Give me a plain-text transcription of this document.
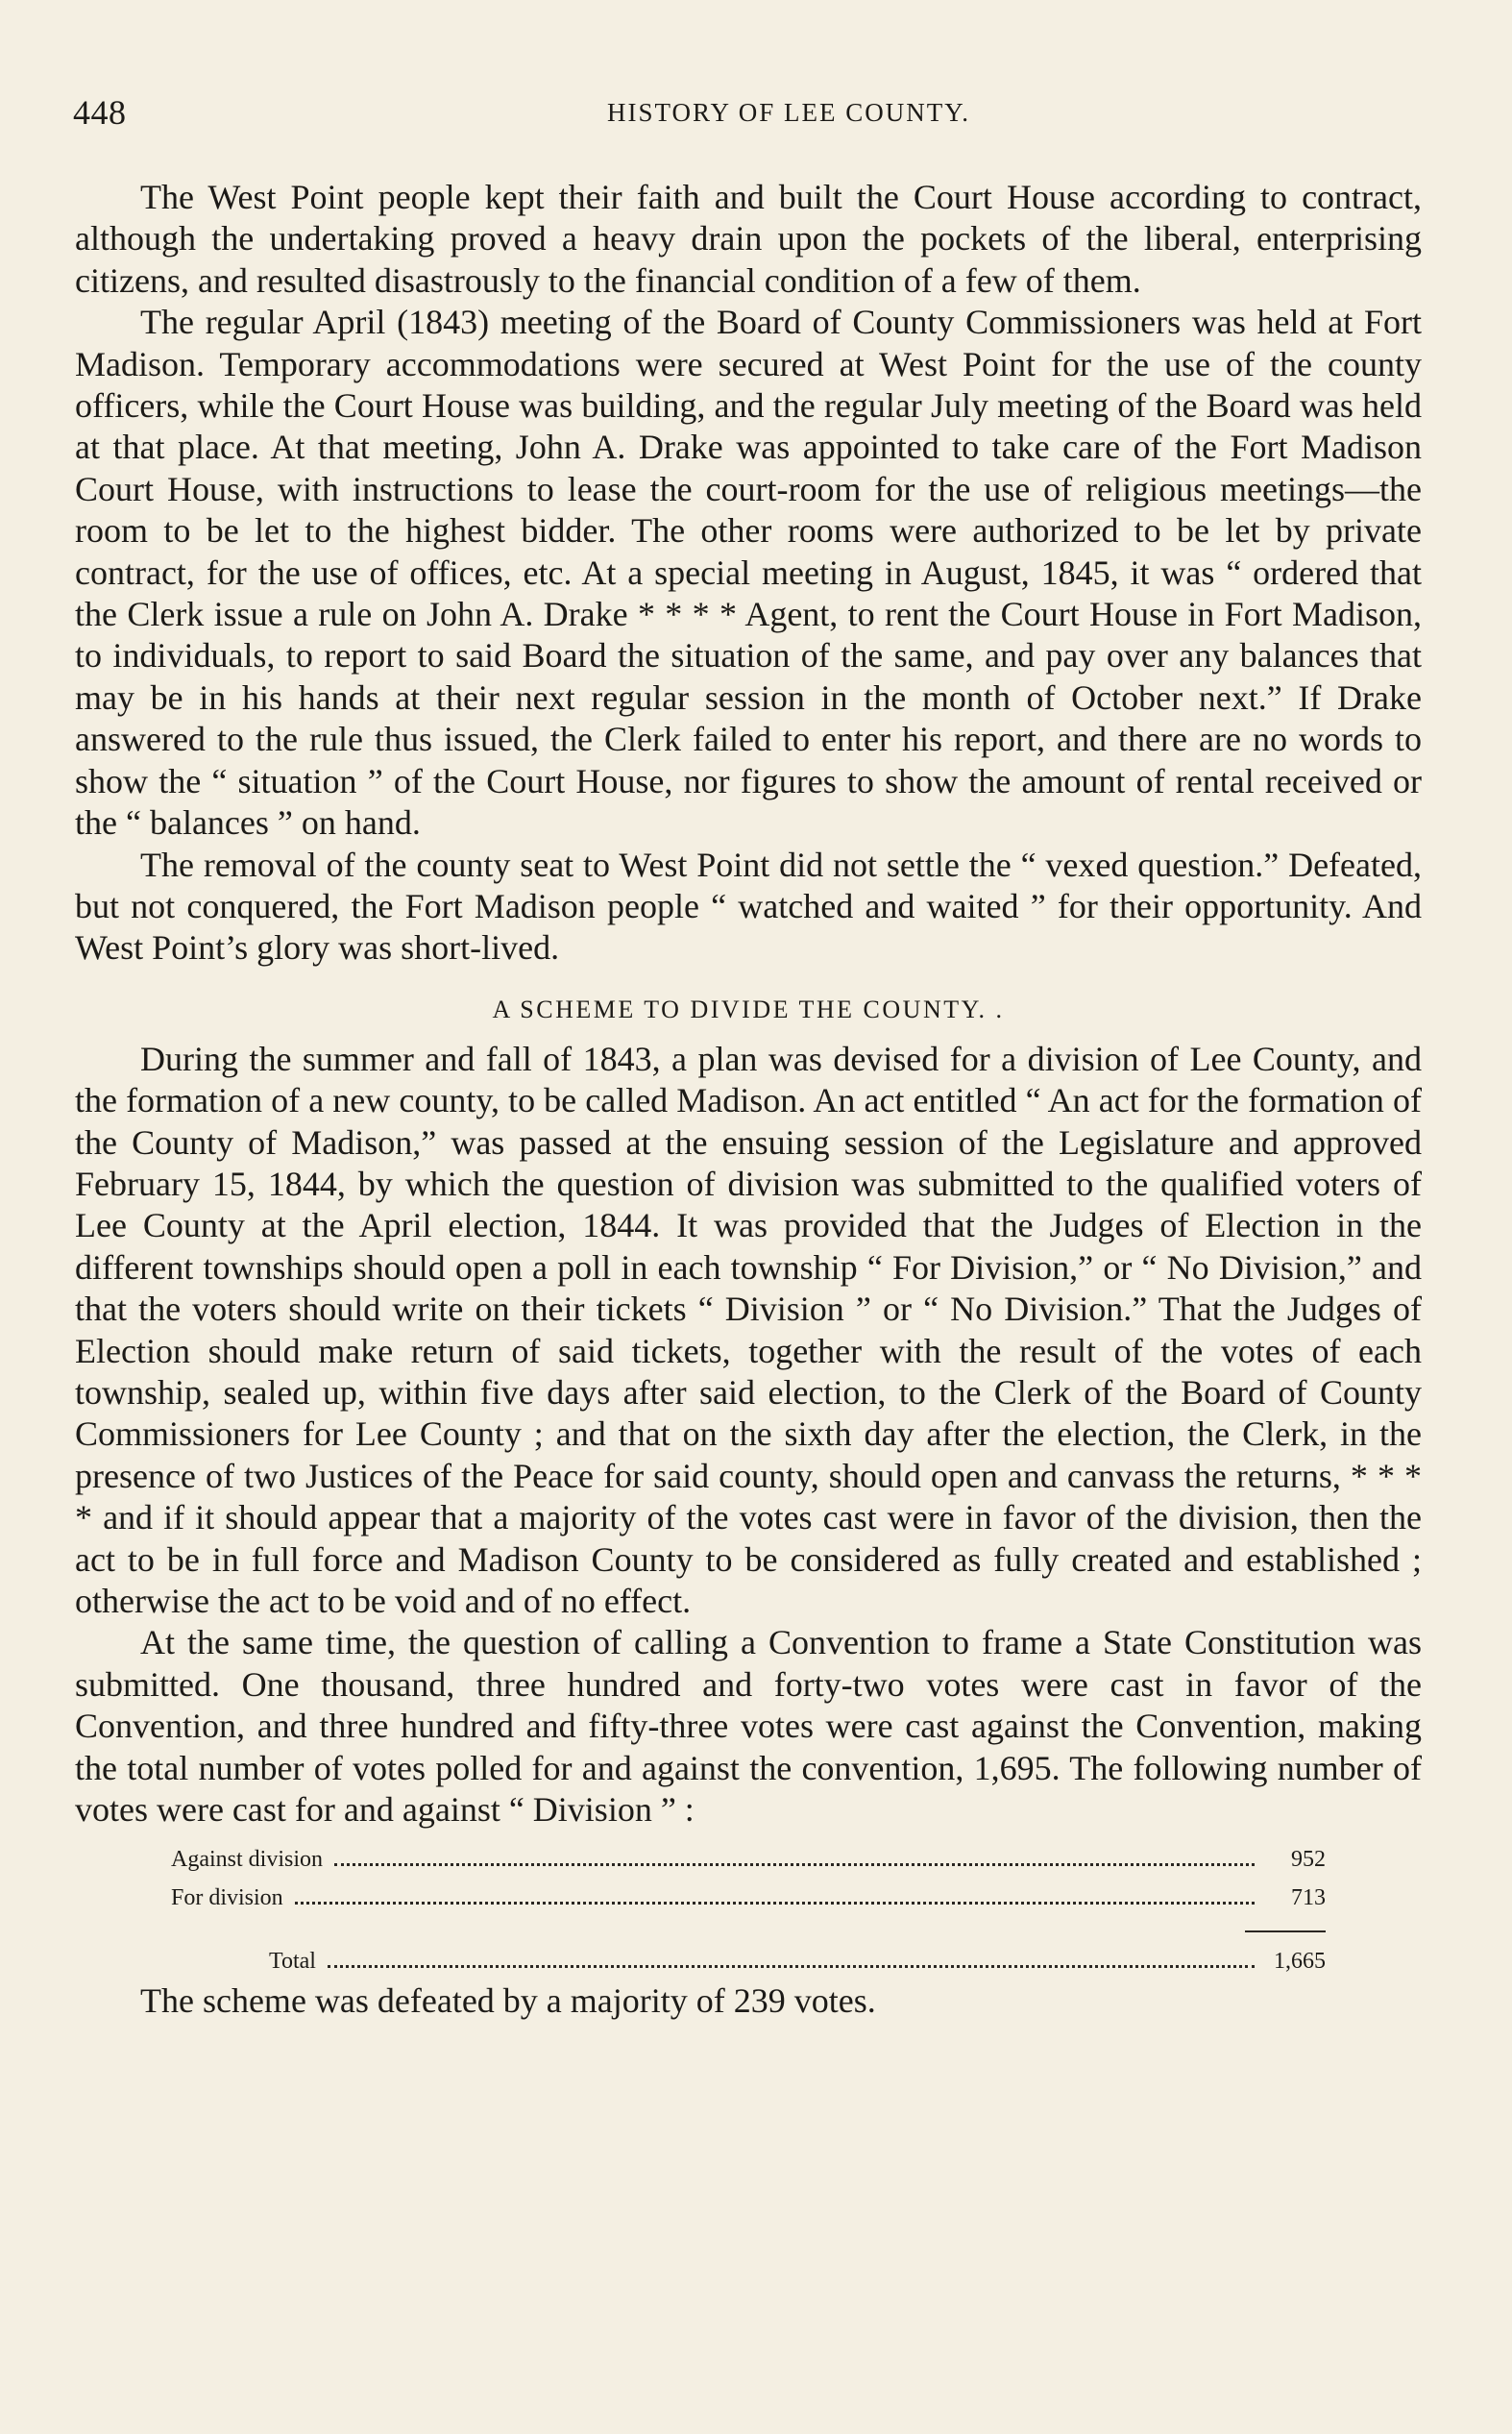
448	HISTORY OF LEE COUNTY.

The West Point people kept their faith and built the Court House according to contract, although the undertaking proved a heavy drain upon the pockets of the liberal, enterprising citizens, and resulted disastrously to the financial condition of a few of them.

The regular April (1843) meeting of the Board of County Commissioners was held at Fort Madison. Temporary accommodations were secured at West Point for the use of the county officers, while the Court House was building, and the regular July meeting of the Board was held at that place. At that meeting, John A. Drake was appointed to take care of the Fort Madison Court House, with instructions to lease the court-room for the use of religious meetings—the room to be let to the highest bidder. The other rooms were authorized to be let by private contract, for the use of offices, etc. At a special meeting in August, 1845, it was “ ordered that the Clerk issue a rule on John A. Drake * * * * Agent, to rent the Court House in Fort Madison, to individuals, to report to said Board the situation of the same, and pay over any balances that may be in his hands at their next regular session in the month of October next.” If Drake answered to the rule thus issued, the Clerk failed to enter his report, and there are no words to show the “ situation ” of the Court House, nor figures to show the amount of rental received or the “ balances ” on hand.

The removal of the county seat to West Point did not settle the “ vexed question.” Defeated, but not conquered, the Fort Madison people “ watched and waited ” for their opportunity. And West Point’s glory was short-lived.

A SCHEME TO DIVIDE THE COUNTY. .

During the summer and fall of 1843, a plan was devised for a division of Lee County, and the formation of a new county, to be called Madison. An act entitled “ An act for the formation of the County of Madison,” was passed at the ensuing session of the Legislature and approved February 15, 1844, by which the question of division was submitted to the qualified voters of Lee County at the April election, 1844. It was provided that the Judges of Election in the different townships should open a poll in each township “ For Division,” or “ No Division,” and that the voters should write on their tickets “ Division ” or “ No Division.” That the Judges of Election should make return of said tickets, together with the result of the votes of each township, sealed up, within five days after said election, to the Clerk of the Board of County Commissioners for Lee County ; and that on the sixth day after the election, the Clerk, in the presence of two Justices of the Peace for said county, should open and canvass the returns, * * * * and if it should appear that a majority of the votes cast were in favor of the division, then the act to be in full force and Madison County to be considered as fully created and established ; otherwise the act to be void and of no effect.

At the same time, the question of calling a Convention to frame a State Constitution was submitted. One thousand, three hundred and forty-two votes were cast in favor of the Convention, and three hundred and fifty-three votes were cast against the Convention, making the total number of votes polled for and against the convention, 1,695. The following number of votes were cast for and against “ Division ” :

Against division	952
For division	713
Total	1,665

The scheme was defeated by a majority of 239 votes.
